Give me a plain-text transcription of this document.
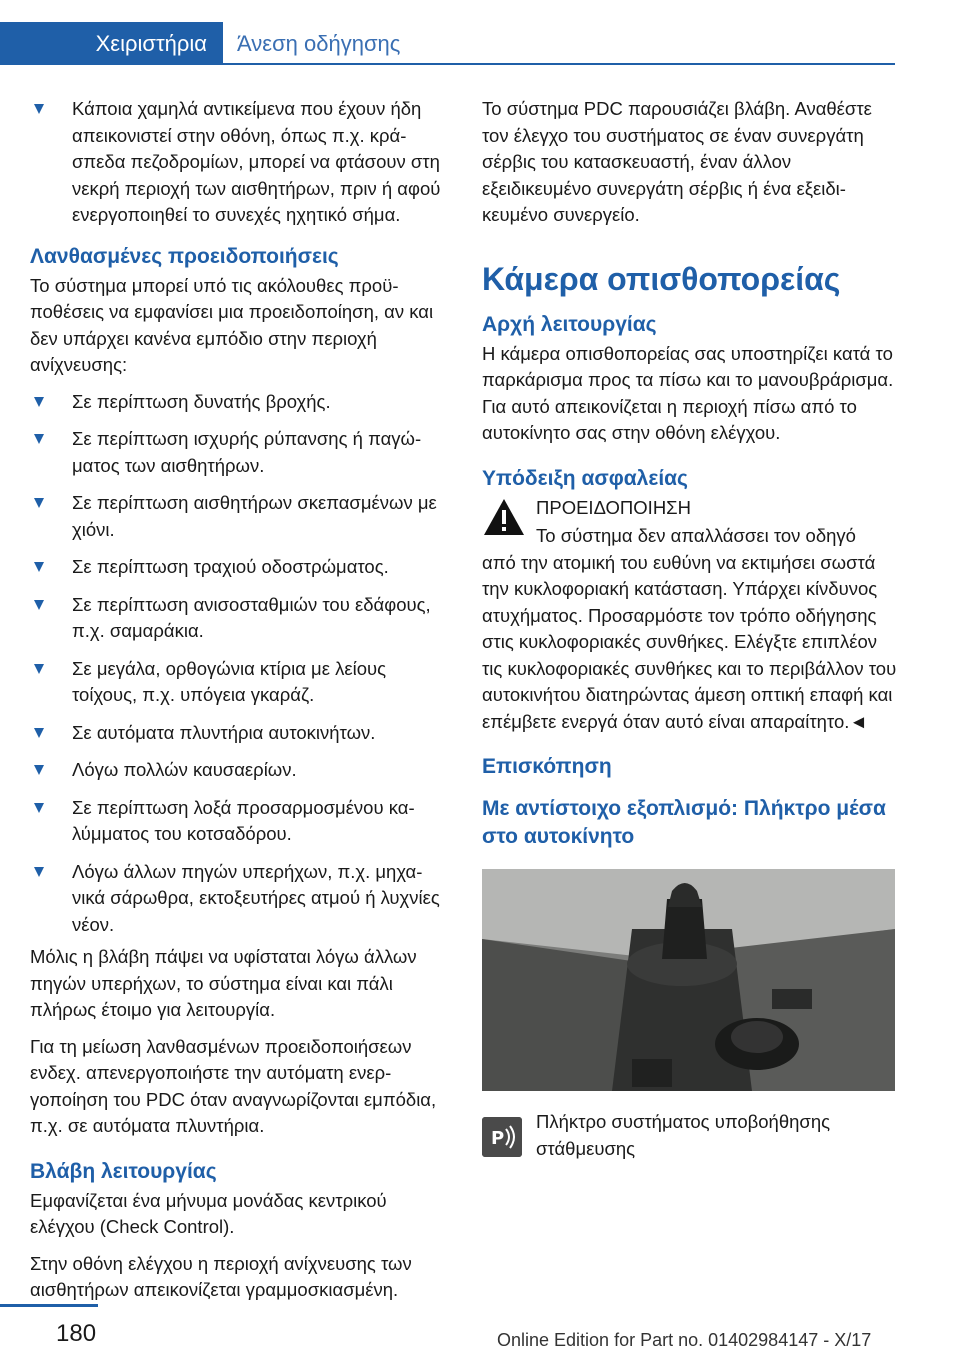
Χειριστήρια Άνεση οδήγησης
Κάποια χαμηλά αντικείμενα που έχουν ήδη απεικονιστεί στην οθόνη, όπως π.χ. κράσπεδα πεζοδρομίων, μπορεί να φτάσουν στη νεκρή περιοχή των αισθητήρων, πριν ή αφού ενεργοποιηθεί το συνεχές ηχητικό σήμα.
Λανθασμένες προειδοποιήσεις

Το σύστημα μπορεί υπό τις ακόλουθες προϋποθέσεις να εμφανίσει μια προειδοποίηση, αν και δεν υπάρχει κανένα εμπόδιο στην περιοχή ανίχνευσης:

Σε περίπτωση δυνατής βροχής.
Σε περίπτωση ισχυρής ρύπανσης ή παγώματος των αισθητήρων.
Σε περίπτωση αισθητήρων σκεπασμένων με χιόνι.
Σε περίπτωση τραχιού οδοστρώματος.
Σε περίπτωση ανισοσταθμιών του εδάφους, π.χ. σαμαράκια.
Σε μεγάλα, ορθογώνια κτίρια με λείους τοίχους, π.χ. υπόγεια γκαράζ.
Σε αυτόματα πλυντήρια αυτοκινήτων.
Λόγω πολλών καυσαερίων.
Σε περίπτωση λοξά προσαρμοσμένου καλύμματος του κοτσαδόρου.
Λόγω άλλων πηγών υπερήχων, π.χ. μηχανικά σάρωθρα, εκτοξευτήρες ατμού ή λυχνίες νέον.

Μόλις η βλάβη πάψει να υφίσταται λόγω άλλων πηγών υπερήχων, το σύστημα είναι και πάλι πλήρως έτοιμο για λειτουργία.

Για τη μείωση λανθασμένων προειδοποιήσεων ενδεχ. απενεργοποιήστε την αυτόματη ενεργοποίηση του PDC όταν αναγνωρίζονται εμπόδια, π.χ. σε αυτόματα πλυντήρια.

Βλάβη λειτουργίας

Εμφανίζεται ένα μήνυμα μονάδας κεντρικού ελέγχου (Check Control).

Στην οθόνη ελέγχου η περιοχή ανίχνευσης των αισθητήρων απεικονίζεται γραμμοσκιασμένη.

Το σύστημα PDC παρουσιάζει βλάβη. Αναθέστε τον έλεγχο του συστήματος σε έναν συνεργάτη σέρβις του κατασκευαστή, έναν άλλον εξειδικευμένο συνεργάτη σέρβις ή ένα εξειδικευμένο συνεργείο.

Κάμερα οπισθοπορείας
Αρχή λειτουργίας

Η κάμερα οπισθοπορείας σας υποστηρίζει κατά το παρκάρισμα προς τα πίσω και το μανουβράρισμα. Για αυτό απεικονίζεται η περιοχή πίσω από το αυτοκίνητο σας στην οθόνη ελέγχου.

Υπόδειξη ασφαλείας
ΠΡΟΕΙΔΟΠΟΙΗΣΗ
Το σύστημα δεν απαλλάσσει τον οδηγό

από την ατομική του ευθύνη να εκτιμήσει σωστά την κυκλοφοριακή κατάσταση. Υπάρχει κίνδυνος ατυχήματος. Προσαρμόστε τον τρόπο οδήγησης στις κυκλοφοριακές συνθήκες. Ελέγξτε επιπλέον τις κυκλοφοριακές συνθήκες και το περιβάλλον του αυτοκινήτου διατηρώντας άμεση οπτική επαφή και επέμβετε ενεργά όταν αυτό είναι απαραίτητο.◄

Επισκόπηση
Με αντίστοιχο εξοπλισμό: Πλήκτρο μέσα στο αυτοκίνητο
P
Πλήκτρο συστήματος υποβοήθησης στάθμευσης
180	Online Edition for Part no. 01402984147 - X/17
